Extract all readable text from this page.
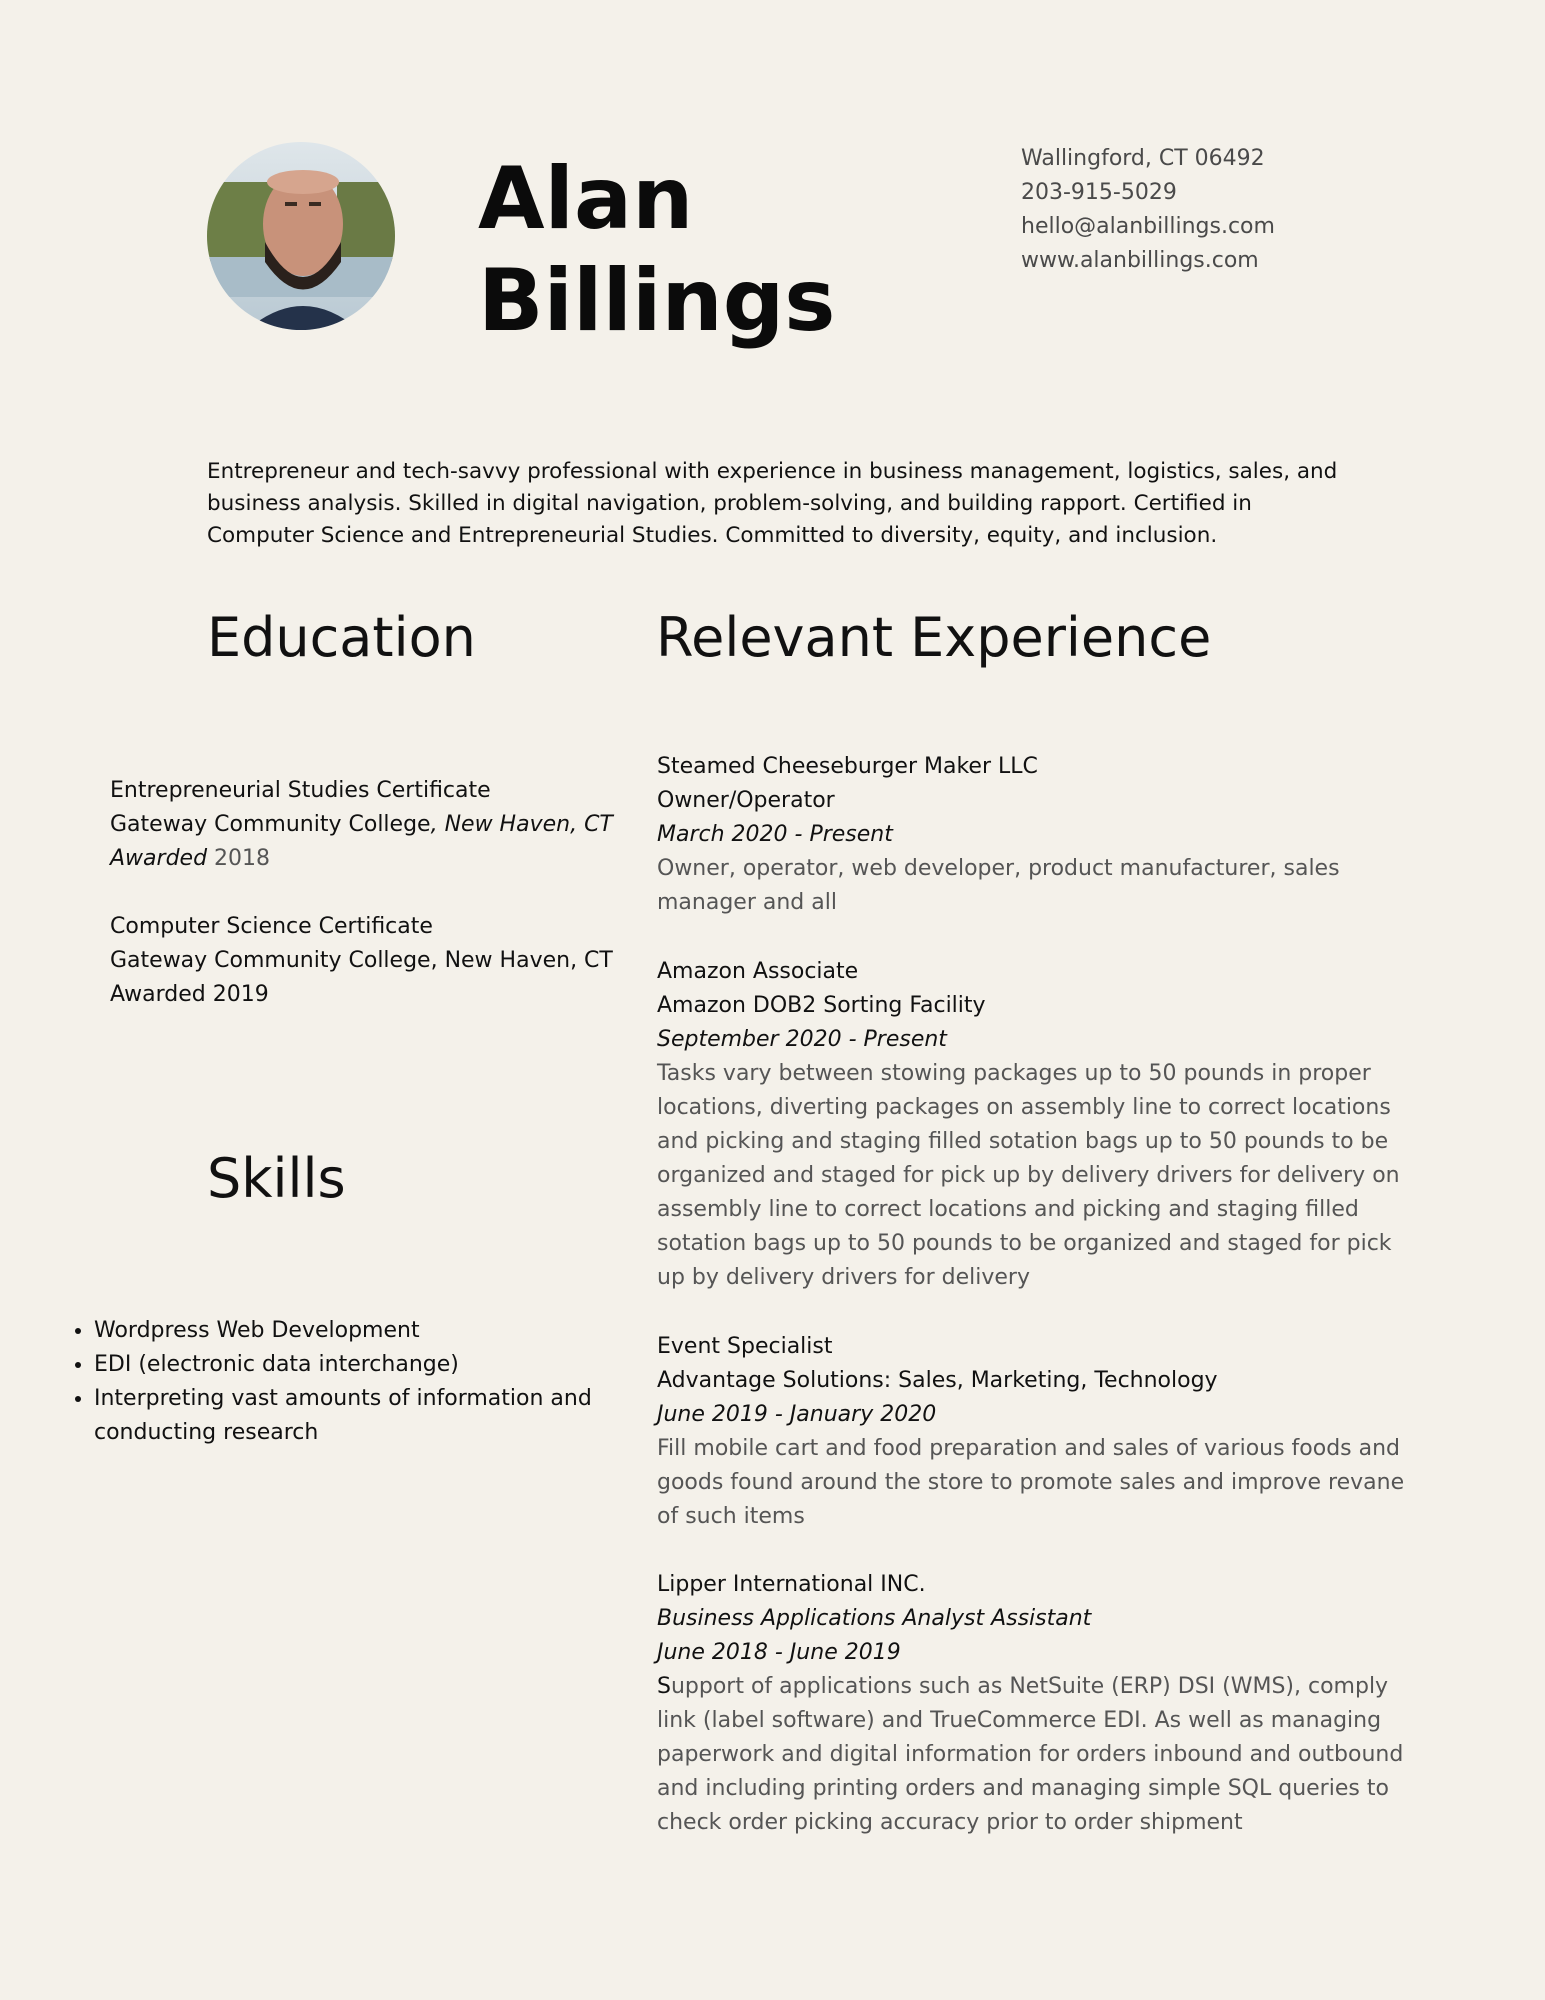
Alan
Billings
Wallingford, CT 06492
203-915-5029
hello@alanbillings.com
www.alanbillings.com
Entrepreneur and tech-savvy professional with experience in business management, logistics, sales, and business analysis. Skilled in digital navigation, problem-solving, and building rapport. Certified in Computer Science and Entrepreneurial Studies. Committed to diversity, equity, and inclusion.
Education	Relevant Experience
Skills
Entrepreneurial Studies Certificate
Gateway Community College, New Haven, CT
Awarded 2018
Computer Science Certificate
Gateway Community College, New Haven, CT
Awarded 2019
• Wordpress Web Development
• EDI (electronic data interchange)
• Interpreting vast amounts of information and conducting research
Steamed Cheeseburger Maker LLC
Owner/Operator
March 2020 - Present
Owner, operator, web developer, product manufacturer, sales manager and all
Amazon Associate
Amazon DOB2 Sorting Facility
September 2020 - Present
Tasks vary between stowing packages up to 50 pounds in proper locations, diverting packages on assembly line to correct locations and picking and staging filled sotation bags up to 50 pounds to be organized and staged for pick up by delivery drivers for delivery on assembly line to correct locations and picking and staging filled sotation bags up to 50 pounds to be organized and staged for pick up by delivery drivers for delivery
Event Specialist
Advantage Solutions: Sales, Marketing, Technology
June 2019 - January 2020
Fill mobile cart and food preparation and sales of various foods and goods found around the store to promote sales and improve revane of such items
Lipper International INC.
Business Applications Analyst Assistant
June 2018 - June 2019
Support of applications such as NetSuite (ERP) DSI (WMS), comply link (label software) and TrueCommerce EDI. As well as managing paperwork and digital information for orders inbound and outbound and including printing orders and managing simple SQL queries to check order picking accuracy prior to order shipment
